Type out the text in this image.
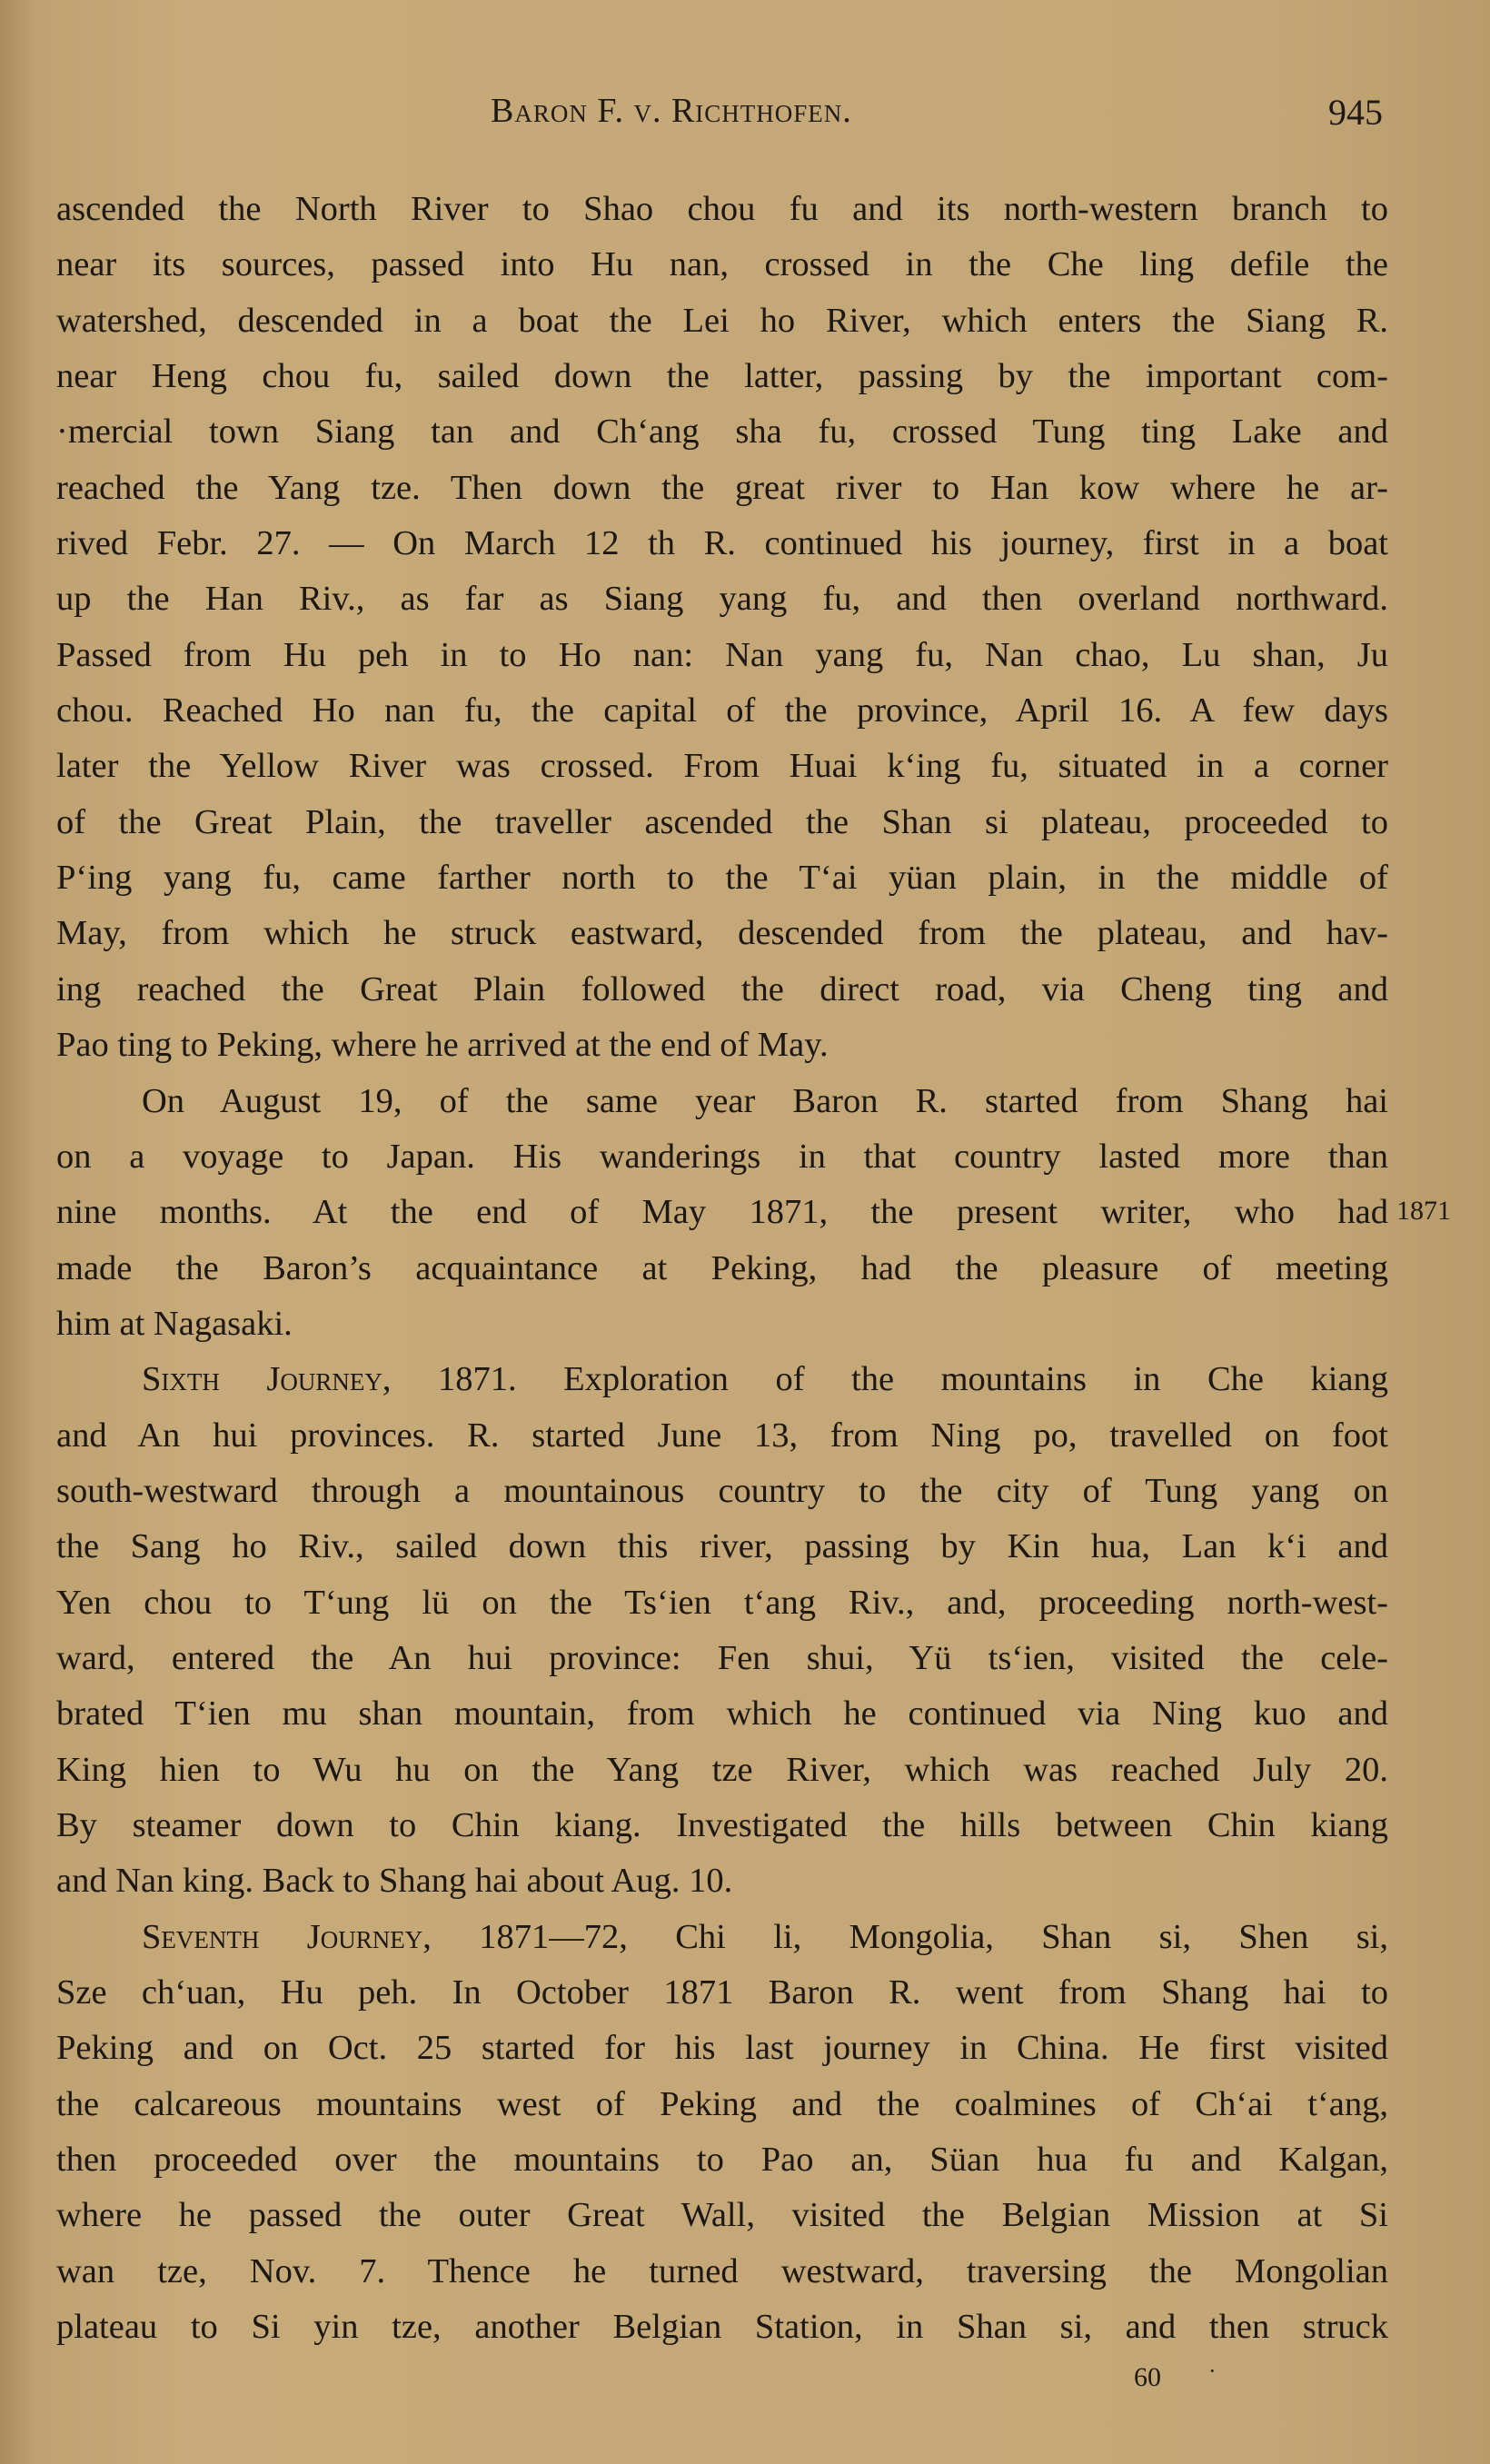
Baron F. v. Richthofen.	945
ascended the North River to Shao chou fu and its north-western branch to
near its sources, passed into Hu nan, crossed in the Che ling defile the
watershed, descended in a boat the Lei ho River, which enters the Siang R.
near Heng chou fu, sailed down the latter, passing by the important com-
·mercial town Siang tan and Chʻang sha fu, crossed Tung ting Lake and
reached the Yang tze. Then down the great river to Han kow where he ar-
rived Febr. 27. — On March 12 th R. continued his journey, first in a boat
up the Han Riv., as far as Siang yang fu, and then overland northward.
Passed from Hu peh in to Ho nan: Nan yang fu, Nan chao, Lu shan, Ju
chou. Reached Ho nan fu, the capital of the province, April 16. A few days
later the Yellow River was crossed. From Huai kʻing fu, situated in a corner
of the Great Plain, the traveller ascended the Shan si plateau, proceeded to
Pʻing yang fu, came farther north to the Tʻai yüan plain, in the middle of
May, from which he struck eastward, descended from the plateau, and hav-
ing reached the Great Plain followed the direct road, via Cheng ting and
Pao ting to Peking, where he arrived at the end of May.
On August 19, of the same year Baron R. started from Shang hai
on a voyage to Japan. His wanderings in that country lasted more than
nine months. At the end of May 1871, the present writer, who had
made the Baron’s acquaintance at Peking, had the pleasure of meeting
him at Nagasaki.
Sixth Journey, 1871. Exploration of the mountains in Che kiang
and An hui provinces. R. started June 13, from Ning po, travelled on foot
south-westward through a mountainous country to the city of Tung yang on
the Sang ho Riv., sailed down this river, passing by Kin hua, Lan kʻi and
Yen chou to Tʻung lü on the Tsʻien tʻang Riv., and, proceeding north-west-
ward, entered the An hui province: Fen shui, Yü tsʻien, visited the cele-
brated Tʻien mu shan mountain, from which he continued via Ning kuo and
King hien to Wu hu on the Yang tze River, which was reached July 20.
By steamer down to Chin kiang. Investigated the hills between Chin kiang
and Nan king. Back to Shang hai about Aug. 10.
Seventh Journey, 1871—72, Chi li, Mongolia, Shan si, Shen si,
Sze chʻuan, Hu peh. In October 1871 Baron R. went from Shang hai to
Peking and on Oct. 25 started for his last journey in China. He first visited
the calcareous mountains west of Peking and the coalmines of Chʻai tʻang,
then proceeded over the mountains to Pao an, Süan hua fu and Kalgan,
where he passed the outer Great Wall, visited the Belgian Mission at Si
wan tze, Nov. 7. Thence he turned westward, traversing the Mongolian
plateau to Si yin tze, another Belgian Station, in Shan si, and then struck
1871
60 ·
